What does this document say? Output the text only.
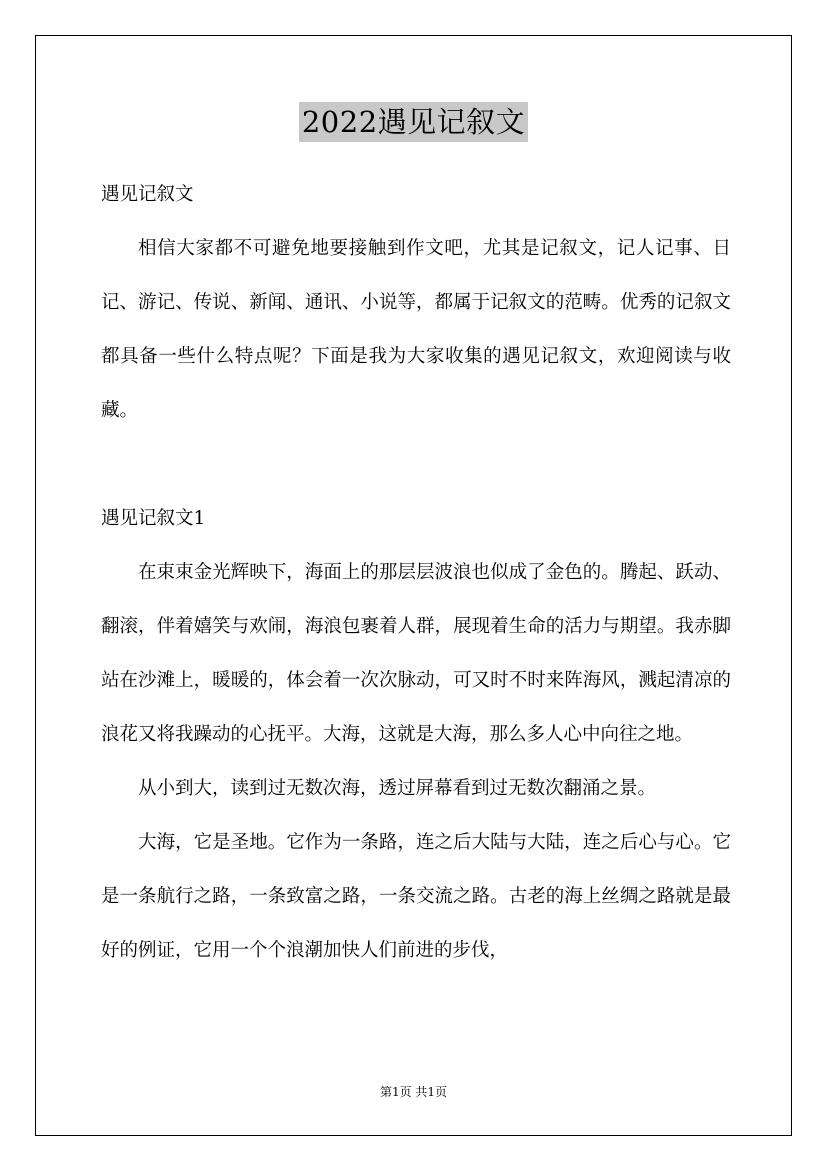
2022遇见记叙文

遇见记叙文

相信大家都不可避免地要接触到作文吧，尤其是记叙文，记人记事、日记、游记、传说、新闻、通讯、小说等，都属于记叙文的范畴。优秀的记叙文都具备一些什么特点呢？下面是我为大家收集的遇见记叙文，欢迎阅读与收藏。

遇见记叙文1

在束束金光辉映下，海面上的那层层波浪也似成了金色的。腾起、跃动、翻滚，伴着嬉笑与欢闹，海浪包裹着人群，展现着生命的活力与期望。我赤脚站在沙滩上，暖暖的，体会着一次次脉动，可又时不时来阵海风，溅起清凉的浪花又将我躁动的心抚平。大海，这就是大海，那么多人心中向往之地。

从小到大，读到过无数次海，透过屏幕看到过无数次翻涌之景。

大海，它是圣地。它作为一条路，连之后大陆与大陆，连之后心与心。它是一条航行之路，一条致富之路，一条交流之路。古老的海上丝绸之路就是最好的例证，它用一个个浪潮加快人们前进的步伐，

第1页 共1页
